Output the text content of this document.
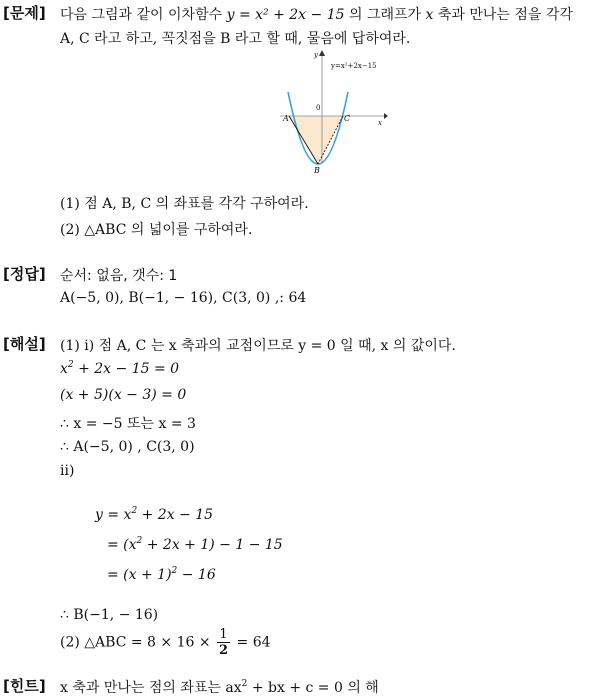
[문제] 다음 그림과 같이 이차함수 y = x² + 2x − 15 의 그래프가 x 축과 만나는 점을 각각
A, C 라고 하고, 꼭짓점을 B 라고 할 때, 물음에 답하여라.
y=x²+2x−15
y
x
0
A	C
B
(1) 점 A, B, C 의 좌표를 각각 구하여라.
(2) △ABC 의 넓이를 구하여라.
[정답] 순서: 없음, 갯수: 1
A(−5, 0), B(−1, − 16), C(3, 0) ,: 64
[해설] (1) ⅰ) 점 A, C 는 x 축과의 교점이므로 y = 0 일 때, x 의 값이다.
$x^2 + 2x - 15 = 0$
(x + 5)(x − 3) = 0
∴ x = −5 또는 x = 3
∴ A(−5, 0) , C(3, 0)
ⅱ)
$y = x^2 + 2x - 15$
= $(x^2 + 2x + 1) - 1 - 15$
= $(x + 1)^2 - 16$
∴ B(−1, − 16)
(2) △ABC = $8 \times 16 \times \frac{1}{2} = 64$
[힌트] x 축과 만나는 점의 좌표는 $ax^2$ + bx + c = 0 의 해
